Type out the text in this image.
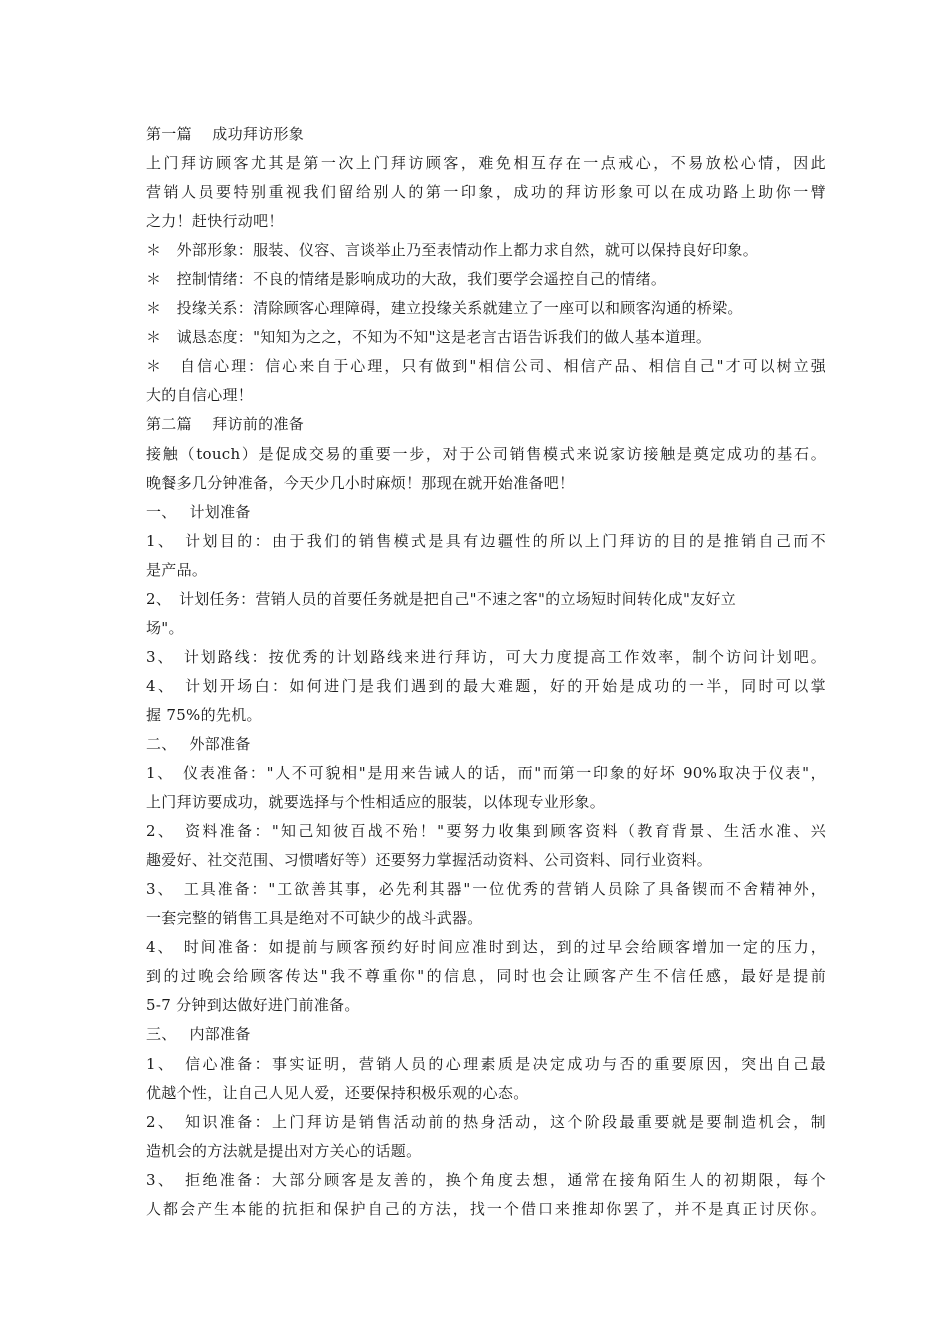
第一篇　 成功拜访形象
上门拜访顾客尤其是第一次上门拜访顾客，难免相互存在一点戒心，不易放松心情，因此
营销人员要特别重视我们留给别人的第一印象，成功的拜访形象可以在成功路上助你一臂
之力！赶快行动吧！
＊　外部形象：服装、仪容、言谈举止乃至表情动作上都力求自然，就可以保持良好印象。
＊　控制情绪：不良的情绪是影响成功的大敌，我们要学会遥控自己的情绪。
＊　投缘关系：清除顾客心理障碍，建立投缘关系就建立了一座可以和顾客沟通的桥梁。
＊　诚恳态度："知知为之之，不知为不知"这是老言古语告诉我们的做人基本道理。
＊　自信心理：信心来自于心理，只有做到"相信公司、相信产品、相信自己"才可以树立强
大的自信心理！
第二篇　 拜访前的准备
接触（touch）是促成交易的重要一步，对于公司销售模式来说家访接触是奠定成功的基石。
晚餐多几分钟准备，今天少几小时麻烦！那现在就开始准备吧！
一、　 计划准备
1、　计划目的：由于我们的销售模式是具有边疆性的所以上门拜访的目的是推销自己而不
是产品。
2、　计划任务：营销人员的首要任务就是把自己"不速之客"的立场短时间转化成"友好立
场"。
3、　计划路线：按优秀的计划路线来进行拜访，可大力度提高工作效率，制个访问计划吧。
4、　计划开场白：如何进门是我们遇到的最大难题，好的开始是成功的一半，同时可以掌
握 75%的先机。
二、　 外部准备
1、　仪表准备："人不可貌相"是用来告诫人的话，而"而第一印象的好坏 90%取决于仪表"，
上门拜访要成功，就要选择与个性相适应的服装，以体现专业形象。
2、　资料准备："知己知彼百战不殆！"要努力收集到顾客资料（教育背景、生活水准、兴
趣爱好、社交范围、习惯嗜好等）还要努力掌握活动资料、公司资料、同行业资料。
3、　工具准备："工欲善其事，必先利其器"一位优秀的营销人员除了具备锲而不舍精神外，
一套完整的销售工具是绝对不可缺少的战斗武器。
4、　时间准备：如提前与顾客预约好时间应准时到达，到的过早会给顾客增加一定的压力，
到的过晚会给顾客传达"我不尊重你"的信息，同时也会让顾客产生不信任感，最好是提前
5-7 分钟到达做好进门前准备。
三、　 内部准备
1、　信心准备：事实证明，营销人员的心理素质是决定成功与否的重要原因，突出自己最
优越个性，让自己人见人爱，还要保持积极乐观的心态。
2、　知识准备：上门拜访是销售活动前的热身活动，这个阶段最重要就是要制造机会，制
造机会的方法就是提出对方关心的话题。
3、　拒绝准备：大部分顾客是友善的，换个角度去想，通常在接角陌生人的初期限，每个
人都会产生本能的抗拒和保护自己的方法，找一个借口来推却你罢了，并不是真正讨厌你。
